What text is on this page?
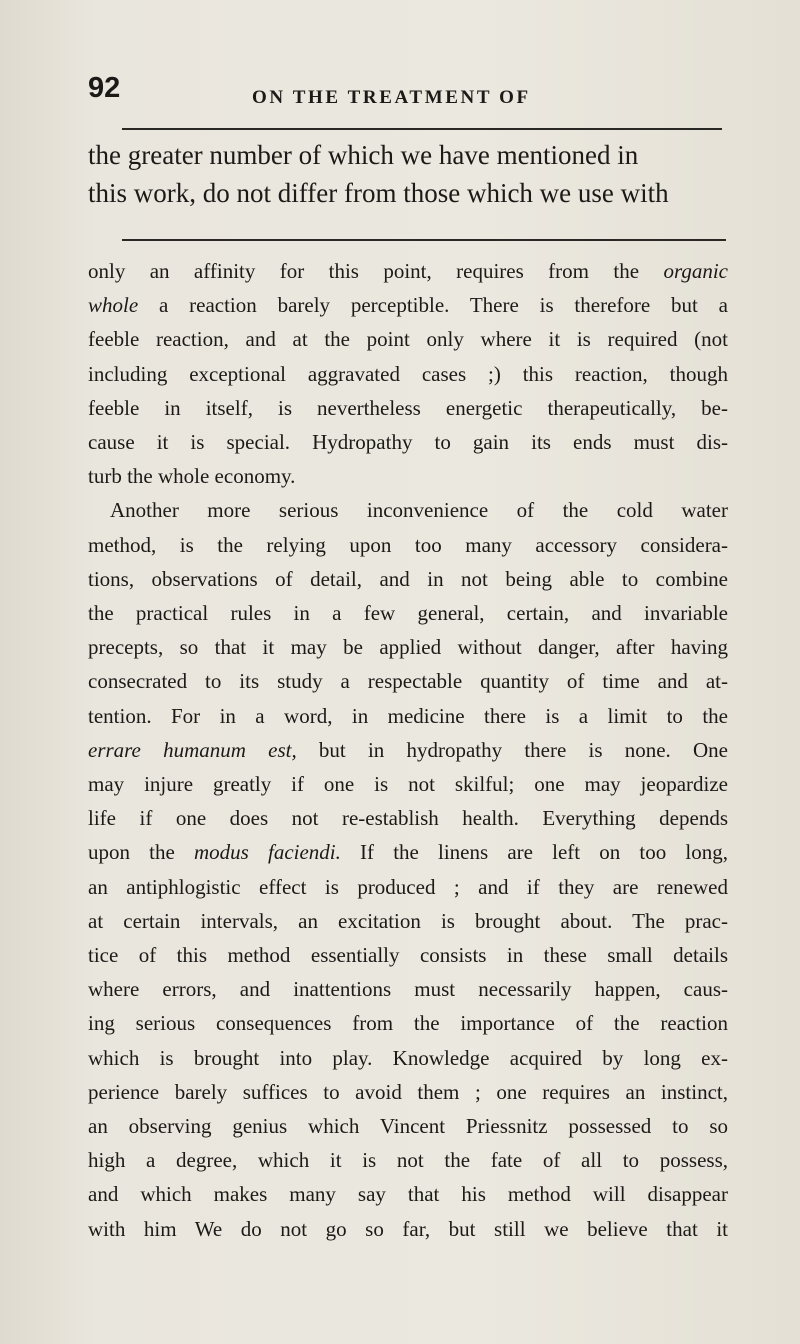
92	ON THE TREATMENT OF
the greater number of which we have mentioned in
this work, do not differ from those which we use with
only an affinity for this point, requires from the organic
whole a reaction barely perceptible. There is therefore but a
feeble reaction, and at the point only where it is required (not
including exceptional aggravated cases ;) this reaction, though
feeble in itself, is nevertheless energetic therapeutically, be-
cause it is special. Hydropathy to gain its ends must dis-
turb the whole economy.
Another more serious inconvenience of the cold water
method, is the relying upon too many accessory considera-
tions, observations of detail, and in not being able to combine
the practical rules in a few general, certain, and invariable
precepts, so that it may be applied without danger, after having
consecrated to its study a respectable quantity of time and at-
tention. For in a word, in medicine there is a limit to the
errare humanum est, but in hydropathy there is none. One
may injure greatly if one is not skilful; one may jeopardize
life if one does not re-establish health. Everything depends
upon the modus faciendi. If the linens are left on too long,
an antiphlogistic effect is produced ; and if they are renewed
at certain intervals, an excitation is brought about. The prac-
tice of this method essentially consists in these small details
where errors, and inattentions must necessarily happen, caus-
ing serious consequences from the importance of the reaction
which is brought into play. Knowledge acquired by long ex-
perience barely suffices to avoid them ; one requires an instinct,
an observing genius which Vincent Priessnitz possessed to so
high a degree, which it is not the fate of all to possess,
and which makes many say that his method will disappear
with him We do not go so far, but still we believe that it
